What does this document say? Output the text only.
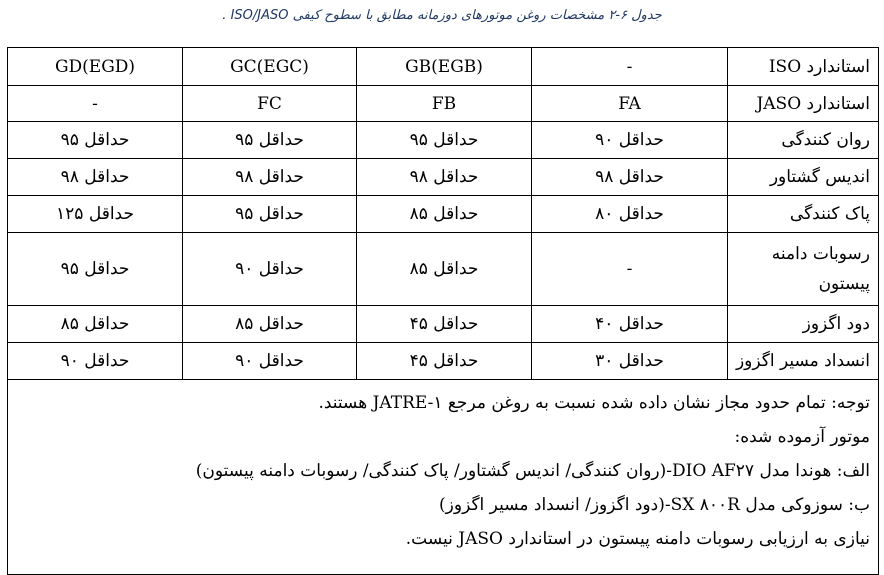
جدول ۶-۲ مشخصات روغن موتورهای دوزمانه مطابق با سطوح کیفی ISO/JASO .
استاندارد ISO	-	GB(EGB)	GC(EGC)	GD(EGD)
استاندارد JASO	FA	FB	FC	-
روان کنندگی	حداقل ۹۰	حداقل ۹۵	حداقل ۹۵	حداقل ۹۵
اندیس گشتاور	حداقل ۹۸	حداقل ۹۸	حداقل ۹۸	حداقل ۹۸
پاک کنندگی	حداقل ۸۰	حداقل ۸۵	حداقل ۹۵	حداقل ۱۲۵
رسوبات دامنه پیستون	-	حداقل ۸۵	حداقل ۹۰	حداقل ۹۵
دود اگزوز	حداقل ۴۰	حداقل ۴۵	حداقل ۸۵	حداقل ۸۵
انسداد مسیر اگزوز	حداقل ۳۰	حداقل ۴۵	حداقل ۹۰	حداقل ۹۰

توجه: تمام حدود مجاز نشان داده شده نسبت به روغن مرجع JATRE-۱ هستند.
موتور آزموده شده:
الف: هوندا مدل DIO AF۲۷-(روان کنندگی/ اندیس گشتاور/ پاک کنندگی/ رسوبات دامنه پیستون)
ب: سوزوکی مدل SX ۸۰۰R-(دود اگزوز/ انسداد مسیر اگزوز)
نیازی به ارزیابی رسوبات دامنه پیستون در استاندارد JASO نیست.				
